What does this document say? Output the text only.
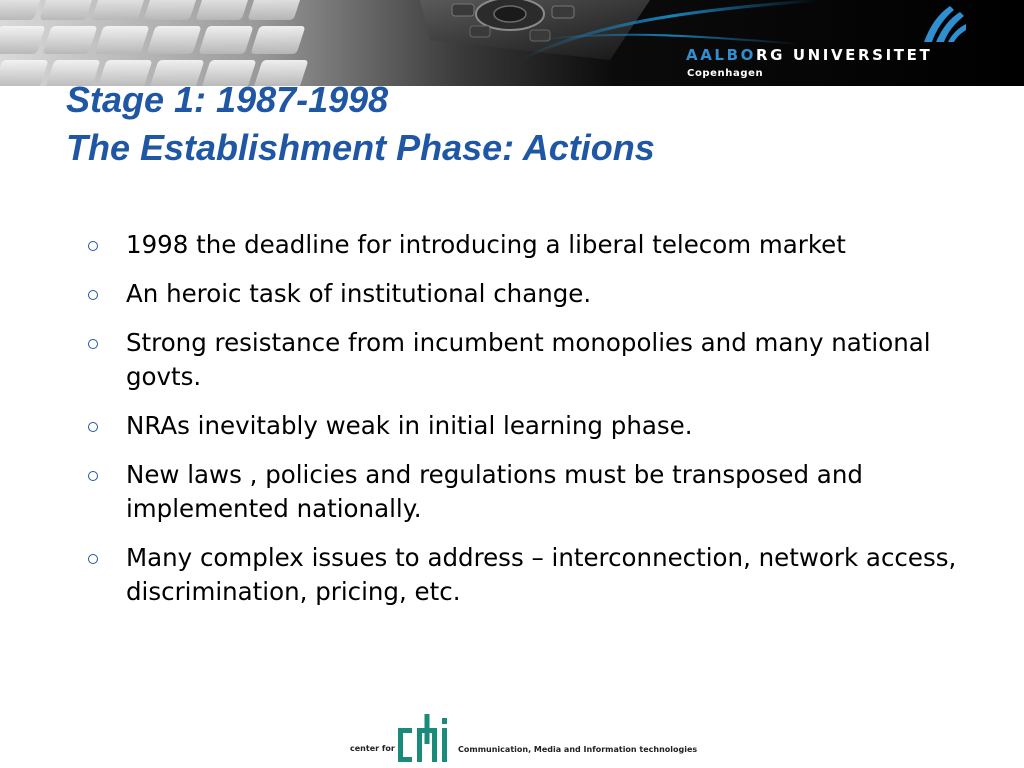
AALBORG UNIVERSITET
Copenhagen
Stage 1: 1987-1998
The Establishment Phase: Actions
1998 the deadline for introducing a liberal telecom market
An heroic task of institutional change.
Strong resistance from incumbent monopolies and many national govts.
NRAs inevitably weak in initial learning phase.
New laws , policies and regulations must be transposed and implemented nationally.
Many complex issues to address – interconnection, network access, discrimination, pricing, etc.
center for	Communication, Media and Information technologies
